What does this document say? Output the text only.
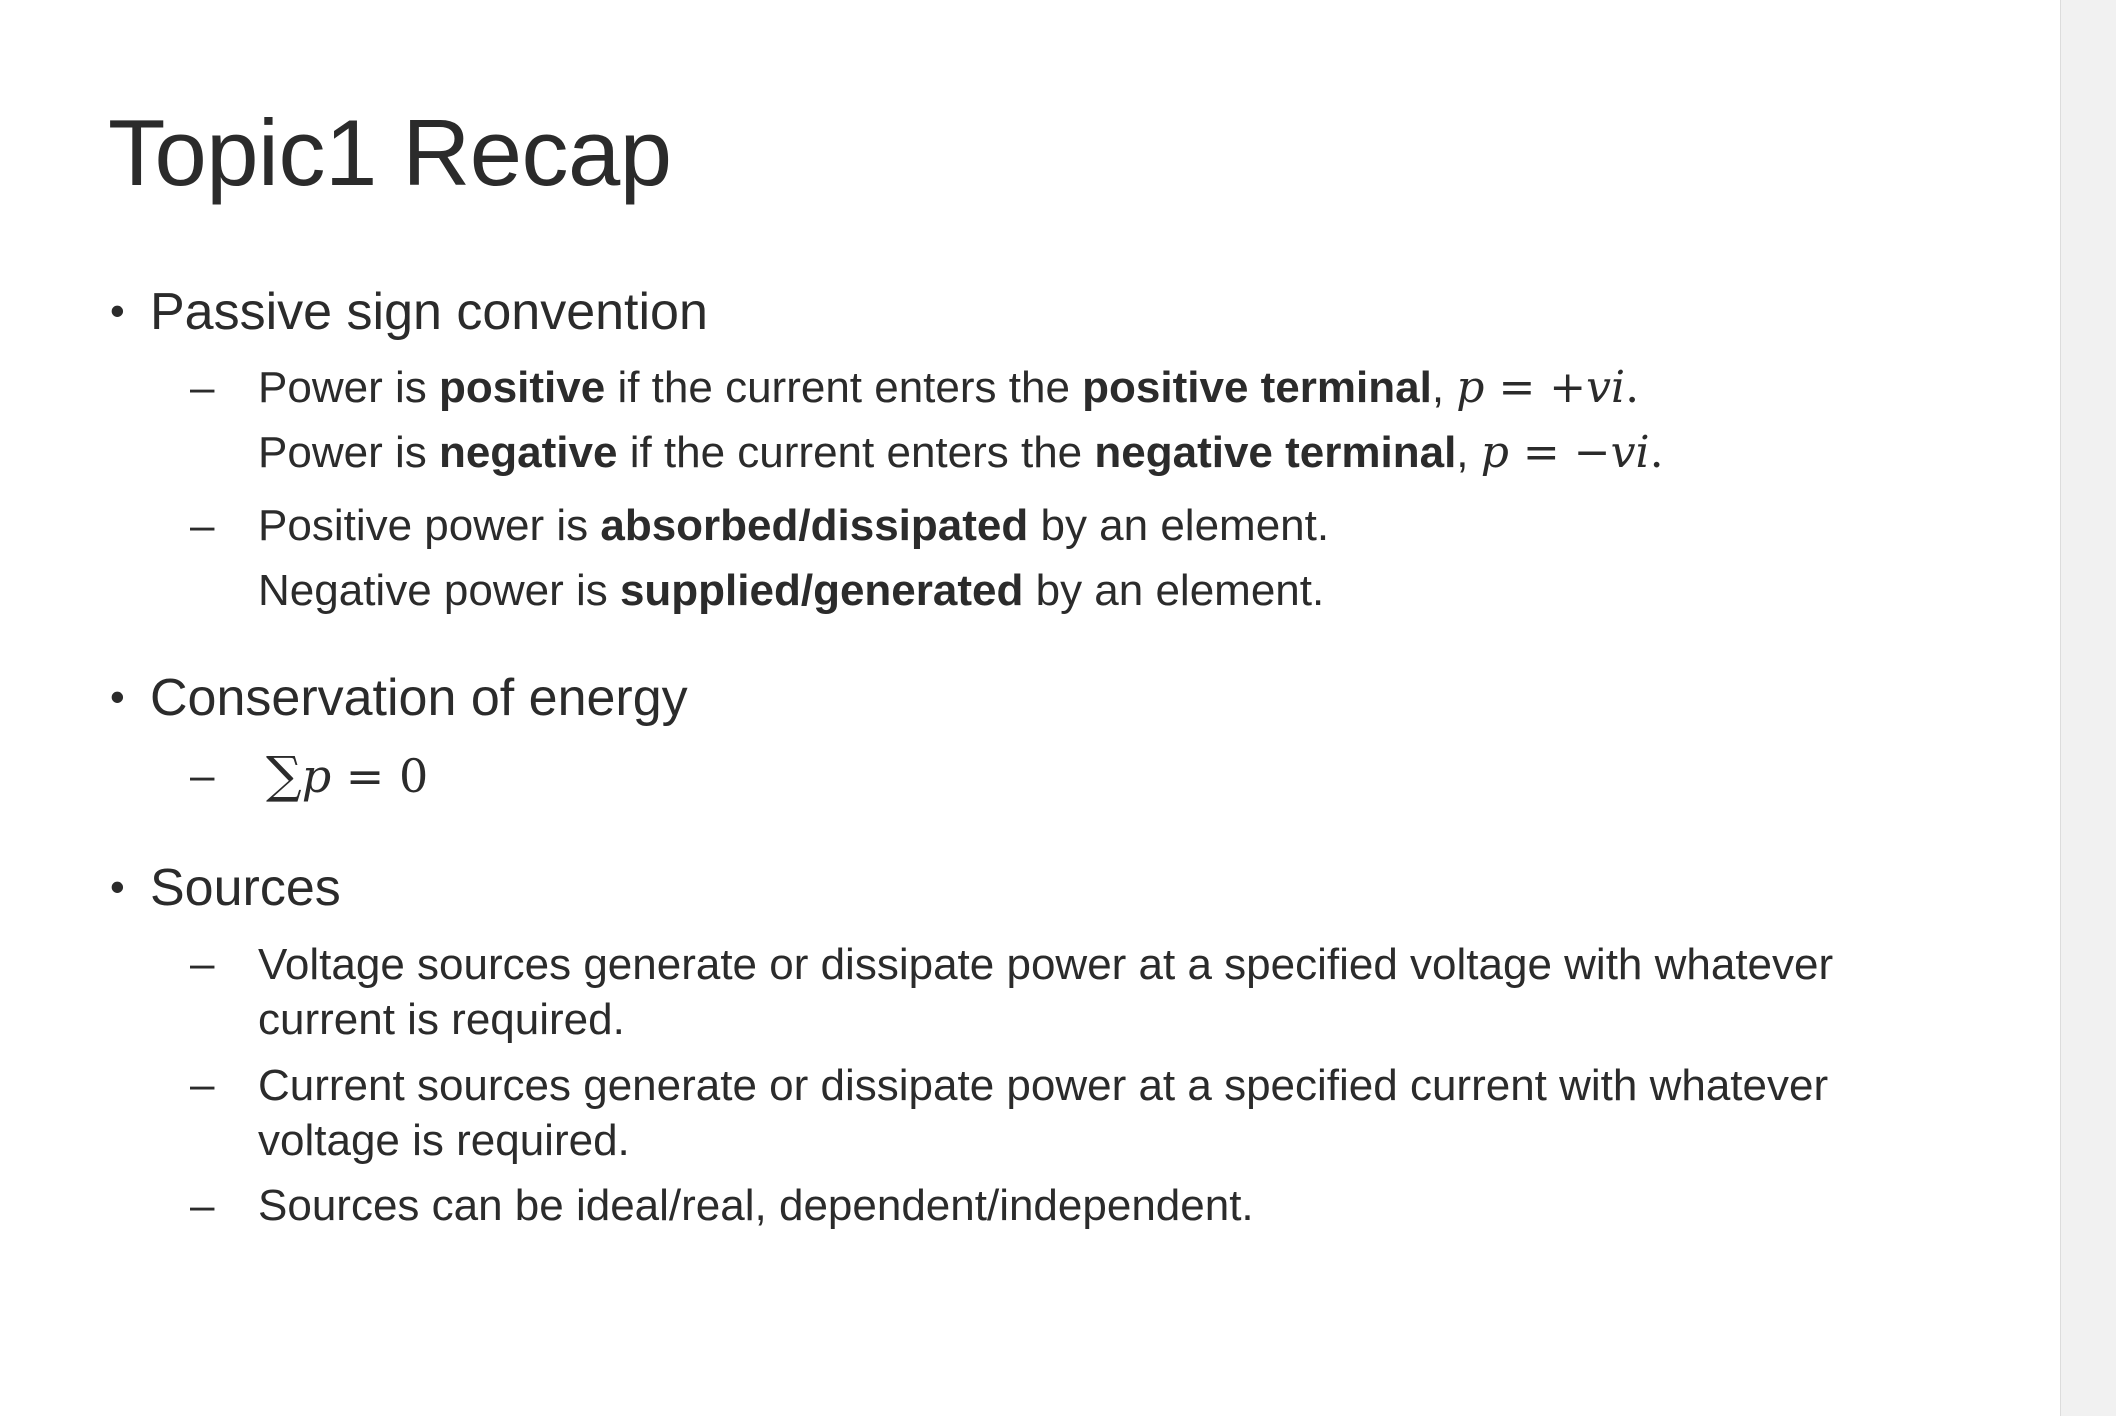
Topic1 Recap
• Passive sign convention
– Power is positive if the current enters the positive terminal, p = +vi.
Power is negative if the current enters the negative terminal, p = −vi.
– Positive power is absorbed/dissipated by an element.
Negative power is supplied/generated by an element.
• Conservation of energy
– ∑p = 0
• Sources
– Voltage sources generate or dissipate power at a specified voltage with whatever current is required.
– Current sources generate or dissipate power at a specified current with whatever voltage is required.
– Sources can be ideal/real, dependent/independent.
